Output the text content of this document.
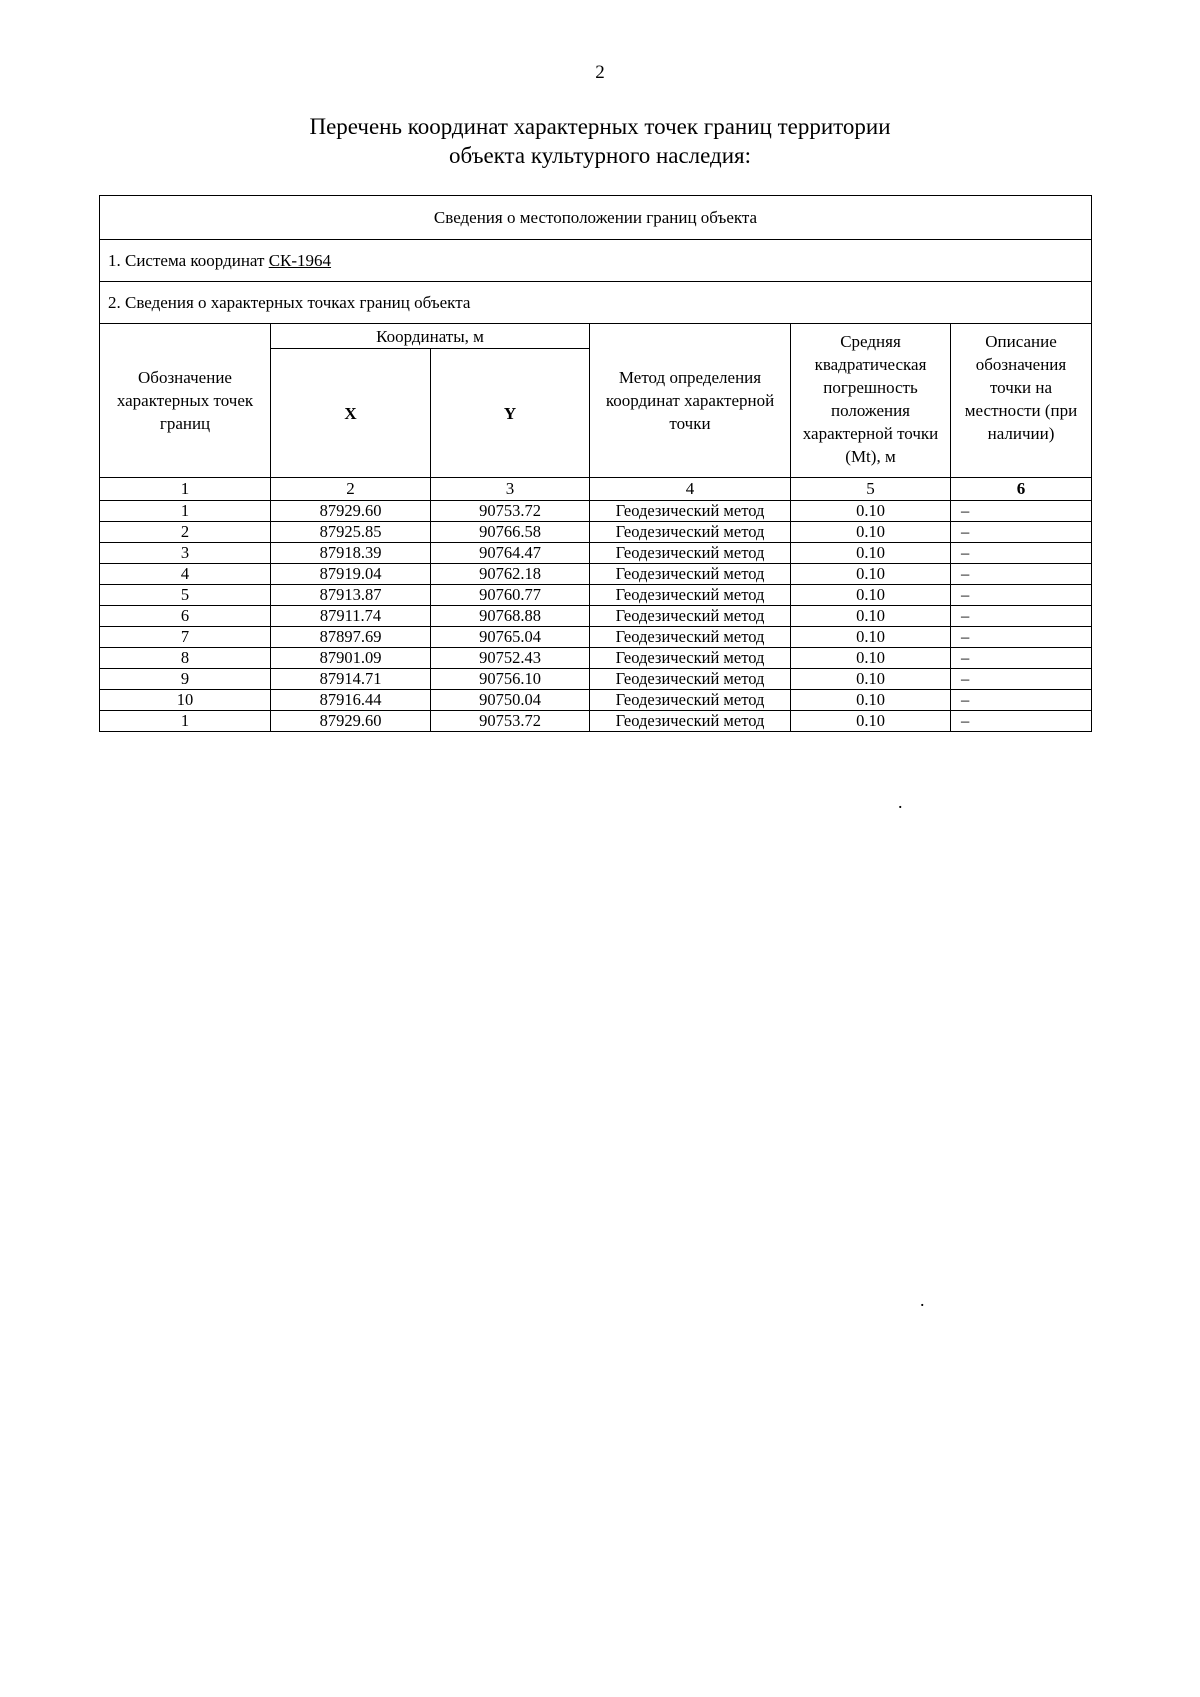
2
Перечень координат характерных точек границ территории
объекта культурного наследия:
Сведения о местоположении границ объекта					
1. Система координат СК-1964					
2. Сведения о характерных точках границ объекта					
Обозначение характерных точек границ	Координаты, м		Метод определения координат характерной точки	Средняя квадратическая погрешность положения характерной точки (Mt), м	Описание обозначения точки на местности (при наличии)
	X	Y			
1	2	3	4	5	6
1	87929.60	90753.72	Геодезический метод	0.10	–
2	87925.85	90766.58	Геодезический метод	0.10	–
3	87918.39	90764.47	Геодезический метод	0.10	–
4	87919.04	90762.18	Геодезический метод	0.10	–
5	87913.87	90760.77	Геодезический метод	0.10	–
6	87911.74	90768.88	Геодезический метод	0.10	–
7	87897.69	90765.04	Геодезический метод	0.10	–
8	87901.09	90752.43	Геодезический метод	0.10	–
9	87914.71	90756.10	Геодезический метод	0.10	–
10	87916.44	90750.04	Геодезический метод	0.10	–
1	87929.60	90753.72	Геодезический метод	0.10	–
.
.
